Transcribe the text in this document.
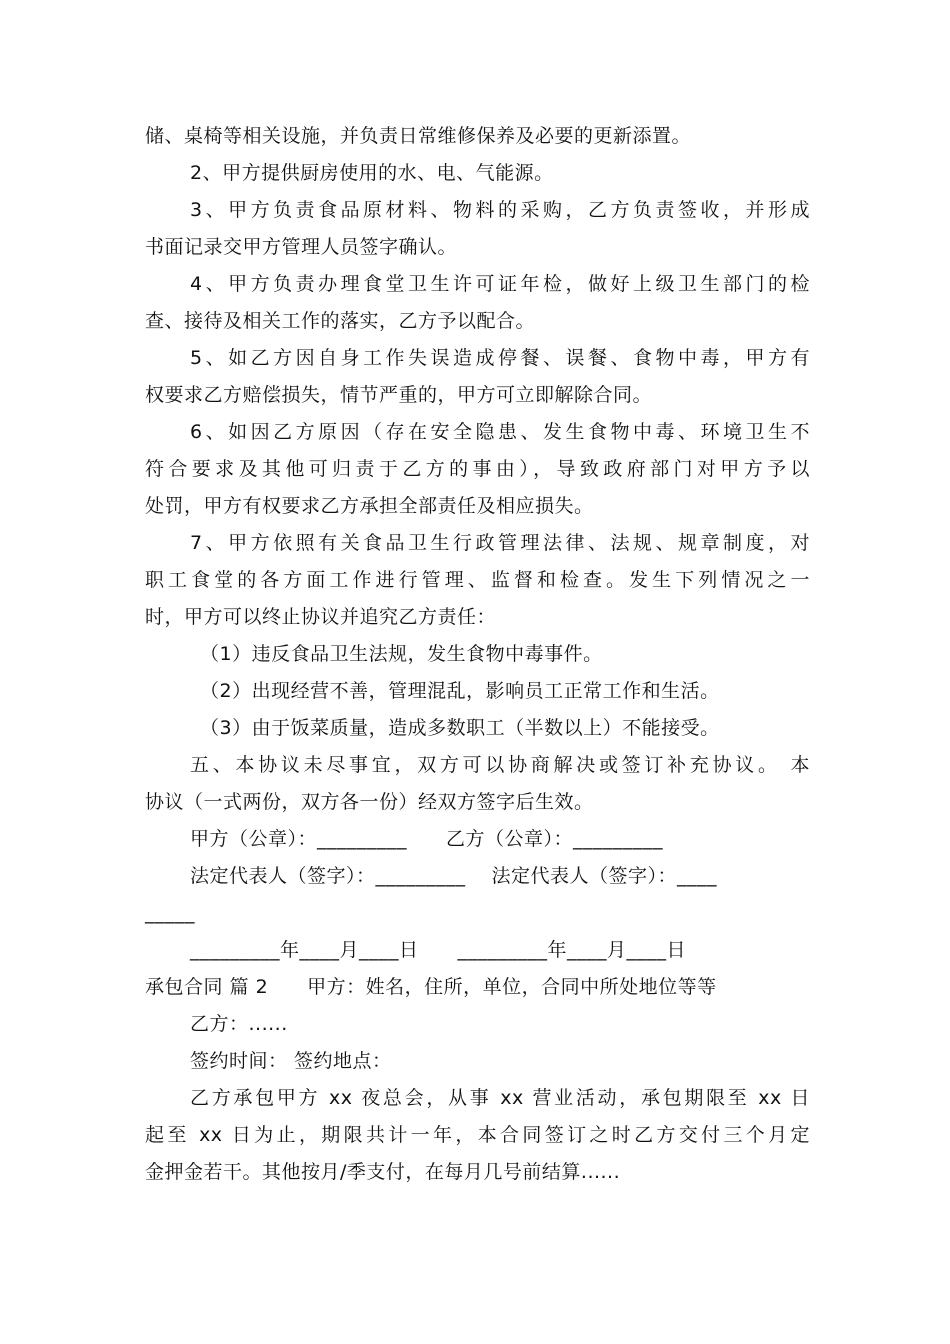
储、桌椅等相关设施，并负责日常维修保养及必要的更新添置。
2、甲方提供厨房使用的水、电、气能源。
3、甲方负责食品原材料、物料的采购，乙方负责签收，并形成
书面记录交甲方管理人员签字确认。
4、甲方负责办理食堂卫生许可证年检，做好上级卫生部门的检
查、接待及相关工作的落实，乙方予以配合。
5、如乙方因自身工作失误造成停餐、误餐、食物中毒，甲方有
权要求乙方赔偿损失，情节严重的，甲方可立即解除合同。
6、如因乙方原因（存在安全隐患、发生食物中毒、环境卫生不
符合要求及其他可归责于乙方的事由），导致政府部门对甲方予以
处罚，甲方有权要求乙方承担全部责任及相应损失。
7、甲方依照有关食品卫生行政管理法律、法规、规章制度，对
职工食堂的各方面工作进行管理、监督和检查。发生下列情况之一
时，甲方可以终止协议并追究乙方责任：
（1）违反食品卫生法规，发生食物中毒事件。
（2）出现经营不善，管理混乱，影响员工正常工作和生活。
（3）由于饭菜质量，造成多数职工（半数以上）不能接受。
五、本协议未尽事宜，双方可以协商解决或签订补充协议。 本
协议（一式两份，双方各一份）经双方签字后生效。
甲方（公章）：_________　　乙方（公章）：_________
法定代表人（签字）：_________　 法定代表人（签字）：____
_____
_________年____月____日　　_________年____月____日
承包合同 篇 2　　甲方：姓名，住所，单位，合同中所处地位等等
乙方：......
签约时间： 签约地点：
乙方承包甲方 xx 夜总会，从事 xx 营业活动，承包期限至 xx 日
起至 xx 日为止，期限共计一年，本合同签订之时乙方交付三个月定
金押金若干。其他按月/季支付，在每月几号前结算......
